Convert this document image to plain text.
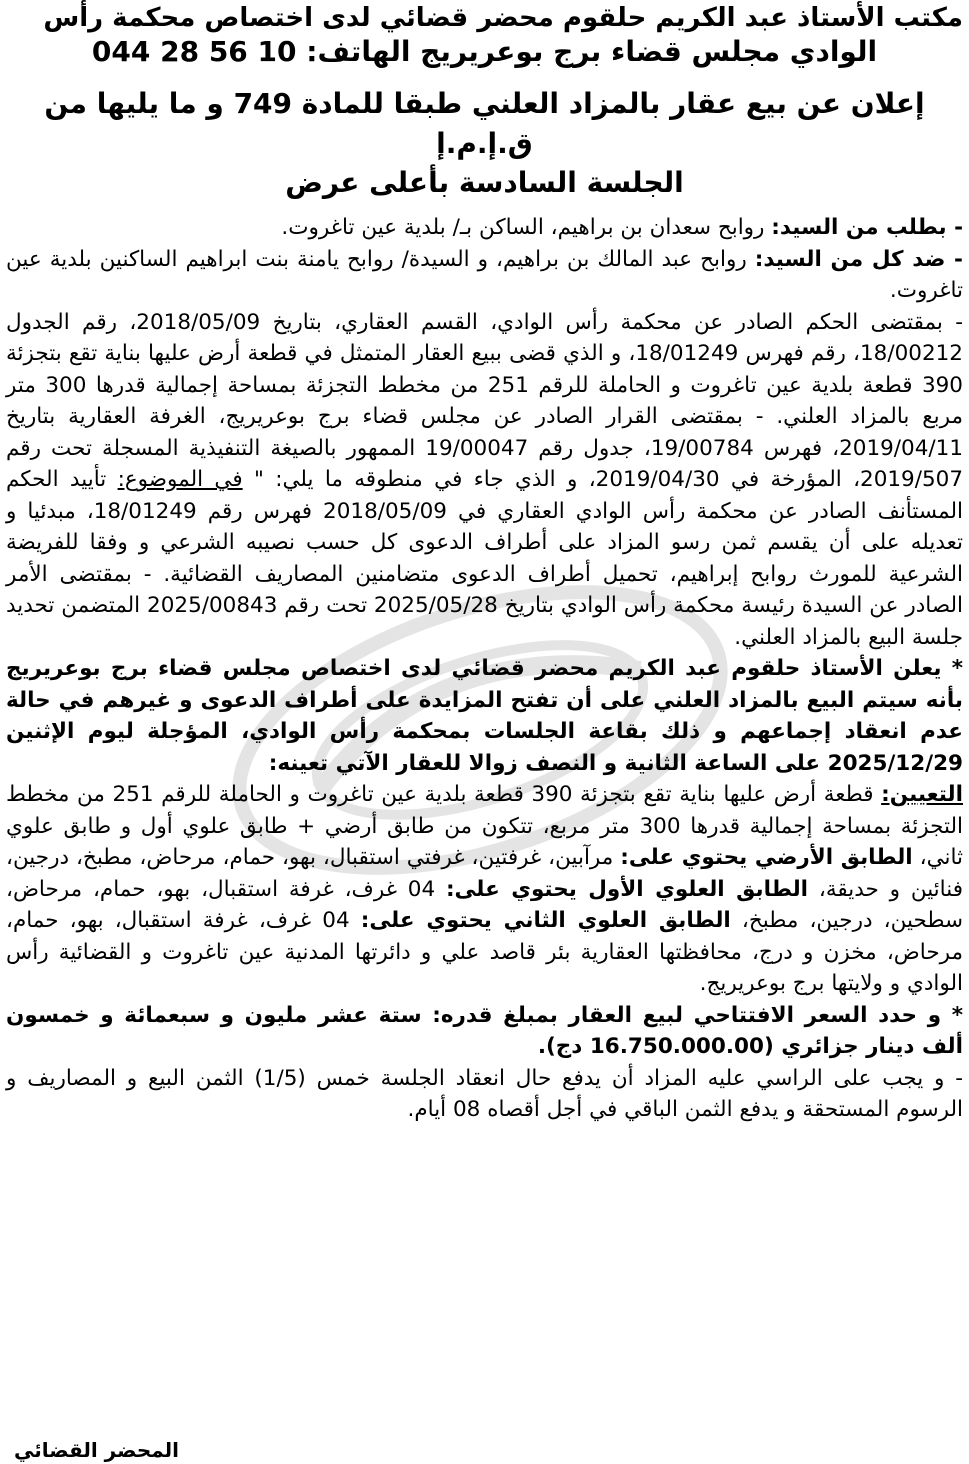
مكتب الأستاذ عبد الكريم حلقوم محضر قضائي لدى اختصاص محكمة رأس
الوادي مجلس قضاء برج بوعريريج الهاتف: 10 56 28 044
إعلان عن بيع عقار بالمزاد العلني طبقا للمادة 749 و ما يليها من ق.إ.م.إ
الجلسة السادسة بأعلى عرض

- بطلب من السيد: روابح سعدان بن براهيم، الساكن بـ/ بلدية عين تاغروت.

- ضد كل من السيد: روابح عبد المالك بن براهيم، و السيدة/ روابح يامنة بنت ابراهيم الساكنين بلدية عين تاغروت.

- بمقتضى الحكم الصادر عن محكمة رأس الوادي، القسم العقاري، بتاريخ 2018/05/09، رقم الجدول 18/00212، رقم فهرس 18/01249، و الذي قضى ببيع العقار المتمثل في قطعة أرض عليها بناية تقع بتجزئة 390 قطعة بلدية عين تاغروت و الحاملة للرقم 251 من مخطط التجزئة بمساحة إجمالية قدرها 300 متر مربع بالمزاد العلني. - بمقتضى القرار الصادر عن مجلس قضاء برج بوعريريج، الغرفة العقارية بتاريخ 2019/04/11، فهرس 19/00784، جدول رقم 19/00047 الممهور بالصيغة التنفيذية المسجلة تحت رقم 2019/507، المؤرخة في 2019/04/30، و الذي جاء في منطوقه ما يلي: " في الموضوع: تأييد الحكم المستأنف الصادر عن محكمة رأس الوادي العقاري في 2018/05/09 فهرس رقم 18/01249، مبدئيا و تعديله على أن يقسم ثمن رسو المزاد على أطراف الدعوى كل حسب نصيبه الشرعي و وفقا للفريضة الشرعية للمورث روابح إبراهيم، تحميل أطراف الدعوى متضامنين المصاريف القضائية. - بمقتضى الأمر الصادر عن السيدة رئيسة محكمة رأس الوادي بتاريخ 2025/05/28 تحت رقم 2025/00843 المتضمن تحديد جلسة البيع بالمزاد العلني.

* يعلن الأستاذ حلقوم عبد الكريم محضر قضائي لدى اختصاص مجلس قضاء برج بوعريريج بأنه سيتم البيع بالمزاد العلني على أن تفتح المزايدة على أطراف الدعوى و غيرهم في حالة عدم انعقاد إجماعهم و ذلك بقاعة الجلسات بمحكمة رأس الوادي، المؤجلة ليوم الإثنين 2025/12/29 على الساعة الثانية و النصف زوالا للعقار الآتي تعينه:

التعيين: قطعة أرض عليها بناية تقع بتجزئة 390 قطعة بلدية عين تاغروت و الحاملة للرقم 251 من مخطط التجزئة بمساحة إجمالية قدرها 300 متر مربع، تتكون من طابق أرضي + طابق علوي أول و طابق علوي ثاني، الطابق الأرضي يحتوي على: مرآبين، غرفتين، غرفتي استقبال، بهو، حمام، مرحاض، مطبخ، درجين، فنائين و حديقة، الطابق العلوي الأول يحتوي على: 04 غرف، غرفة استقبال، بهو، حمام، مرحاض، سطحين، درجين، مطبخ، الطابق العلوي الثاني يحتوي على: 04 غرف، غرفة استقبال، بهو، حمام، مرحاض، مخزن و درج، محافظتها العقارية بئر قاصد علي و دائرتها المدنية عين تاغروت و القضائية رأس الوادي و ولايتها برج بوعريريج.

* و حدد السعر الافتتاحي لبيع العقار بمبلغ قدره: ستة عشر مليون و سبعمائة و خمسون ألف دينار جزائري (16.750.000.00 دج).

- و يجب على الراسي عليه المزاد أن يدفع حال انعقاد الجلسة خمس (1/5) الثمن البيع و المصاريف و الرسوم المستحقة و يدفع الثمن الباقي في أجل أقصاه 08 أيام.

المحضر القضائي
